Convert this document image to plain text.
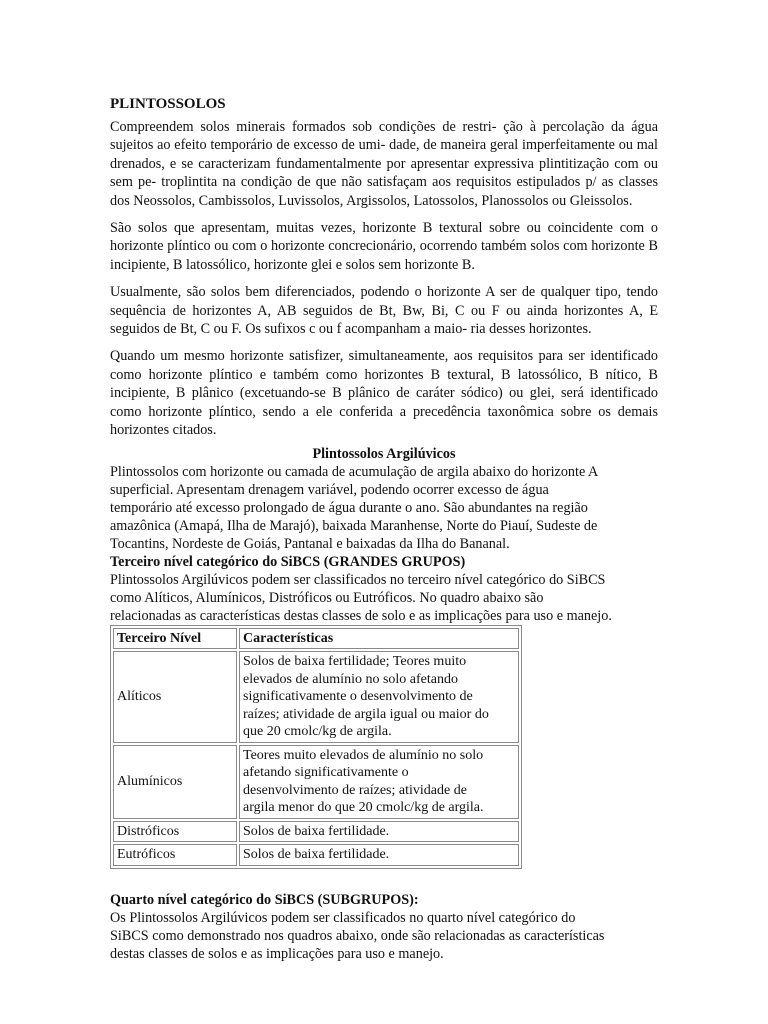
PLINTOSSOLOS

Compreendem solos minerais formados sob condições de restri- ção à percolação da água sujeitos ao efeito temporário de excesso de umi- dade, de maneira geral imperfeitamente ou mal drenados, e se caracterizam fundamentalmente por apresentar expressiva plintitização com ou sem pe- troplintita na condição de que não satisfaçam aos requisitos estipulados p/ as classes dos Neossolos, Cambissolos, Luvissolos, Argissolos, Latossolos, Planossolos ou Gleissolos.

São solos que apresentam, muitas vezes, horizonte B textural sobre ou coincidente com o horizonte plíntico ou com o horizonte concrecionário, ocorrendo também solos com horizonte B incipiente, B latossólico, horizonte glei e solos sem horizonte B.

Usualmente, são solos bem diferenciados, podendo o horizonte A ser de qualquer tipo, tendo sequência de horizontes A, AB seguidos de Bt, Bw, Bi, C ou F ou ainda horizontes A, E seguidos de Bt, C ou F. Os sufixos c ou f acompanham a maio- ria desses horizontes.

Quando um mesmo horizonte satisfizer, simultaneamente, aos requisitos para ser identificado como horizonte plíntico e também como horizontes B textural, B latossólico, B nítico, B incipiente, B plânico (excetuando-se B plânico de caráter sódico) ou glei, será identificado como horizonte plíntico, sendo a ele conferida a precedência taxonômica sobre os demais horizontes citados.

Plintossolos Argilúvicos
Plintossolos com horizonte ou camada de acumulação de argila abaixo do horizonte A
superficial. Apresentam drenagem variável, podendo ocorrer excesso de água
temporário até excesso prolongado de água durante o ano. São abundantes na região
amazônica (Amapá, Ilha de Marajó), baixada Maranhense, Norte do Piauí, Sudeste de
Tocantins, Nordeste de Goiás, Pantanal e baixadas da Ilha do Bananal.
Terceiro nível categórico do SiBCS (GRANDES GRUPOS)
Plintossolos Argilúvicos podem ser classificados no terceiro nível categórico do SiBCS
como Alíticos, Alumínicos, Distróficos ou Eutróficos. No quadro abaixo são
relacionadas as características destas classes de solo e as implicações para uso e manejo.
Terceiro Nível	Características
Alíticos	Solos de baixa fertilidade; Teores muito
elevados de alumínio no solo afetando
significativamente o desenvolvimento de
raízes; atividade de argila igual ou maior do
que 20 cmolc/kg de argila.

Alumínicos	Teores muito elevados de alumínio no solo
afetando significativamente o
desenvolvimento de raízes; atividade de
argila menor do que 20 cmolc/kg de argila.

Distróficos	Solos de baixa fertilidade.

Eutróficos	Solos de baixa fertilidade.
Quarto nível categórico do SiBCS (SUBGRUPOS):
Os Plintossolos Argilúvicos podem ser classificados no quarto nível categórico do
SiBCS como demonstrado nos quadros abaixo, onde são relacionadas as características
destas classes de solos e as implicações para uso e manejo.
